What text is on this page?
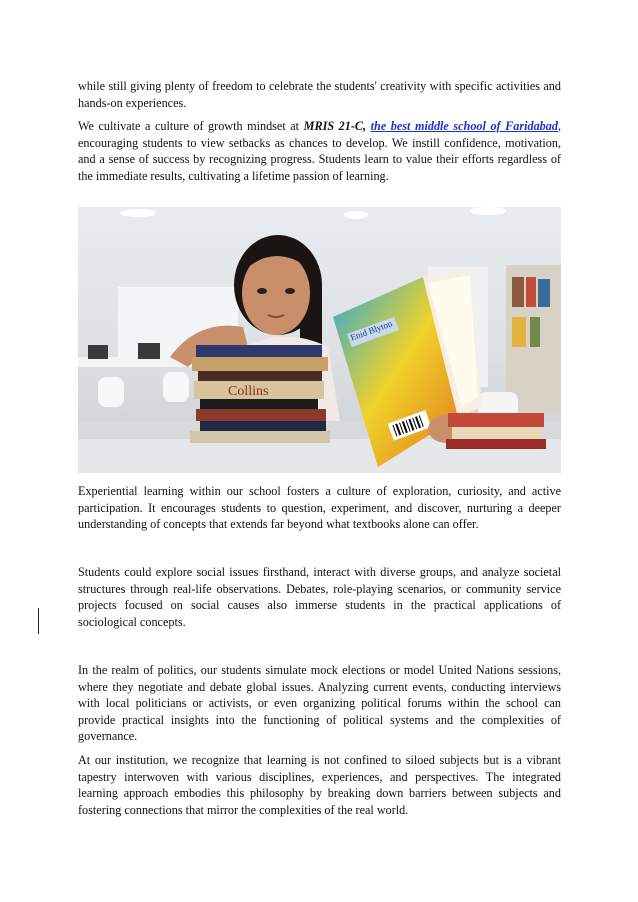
while still giving plenty of freedom to celebrate the students' creativity with specific activities and hands-on experiences.

We cultivate a culture of growth mindset at MRIS 21-C, the best middle school of Faridabad, encouraging students to view setbacks as chances to develop. We instill confidence, motivation, and a sense of success by recognizing progress. Students learn to value their efforts regardless of the immediate results, cultivating a lifetime passion of learning.

Collins
Enid Blyton

Experiential learning within our school fosters a culture of exploration, curiosity, and active participation. It encourages students to question, experiment, and discover, nurturing a deeper understanding of concepts that extends far beyond what textbooks alone can offer.

Students could explore social issues firsthand, interact with diverse groups, and analyze societal structures through real-life observations. Debates, role-playing scenarios, or community service projects focused on social causes also immerse students in the practical applications of sociological concepts.

In the realm of politics, our students simulate mock elections or model United Nations sessions, where they negotiate and debate global issues. Analyzing current events, conducting interviews with local politicians or activists, or even organizing political forums within the school can provide practical insights into the functioning of political systems and the complexities of governance.

At our institution, we recognize that learning is not confined to siloed subjects but is a vibrant tapestry interwoven with various disciplines, experiences, and perspectives. The integrated learning approach embodies this philosophy by breaking down barriers between subjects and fostering connections that mirror the complexities of the real world.
